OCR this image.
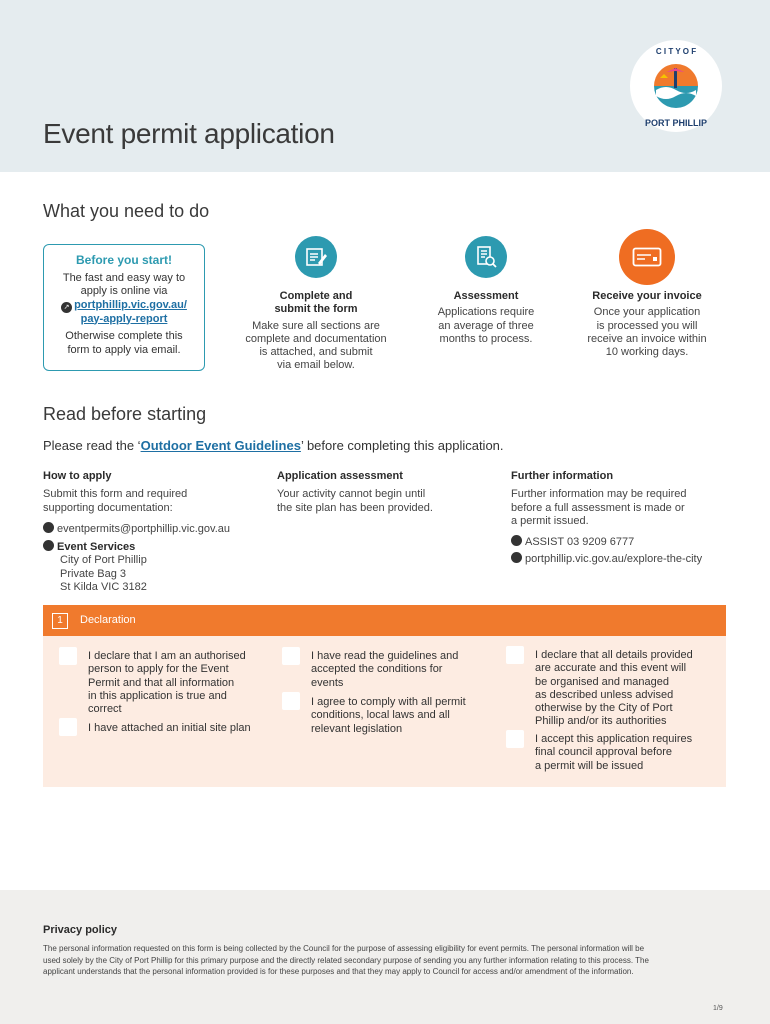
Event permit application
C I T Y O F
PORT PHILLIP
What you need to do
Before you start!
The fast and easy way to
apply is online via
↗ portphillip.vic.gov.au/
pay-apply-report
Otherwise complete this
form to apply via email.
Complete and
submit the form
Make sure all sections are
complete and documentation
is attached, and submit
via email below.
Assessment
Applications require
an average of three
months to process.
Receive your invoice
Once your application
is processed you will
receive an invoice within
10 working days.
Read before starting
Please read the ‘Outdoor Event Guidelines’ before completing this application.
How to apply
Submit this form and required
supporting documentation:
eventpermits@portphillip.vic.gov.au
Event Services
City of Port Phillip
Private Bag 3
St Kilda VIC 3182
Application assessment
Your activity cannot begin until
the site plan has been provided.
Further information
Further information may be required
before a full assessment is made or
a permit issued.
ASSIST 03 9209 6777
portphillip.vic.gov.au/explore-the-city
1	Declaration
I declare that I am an authorised
person to apply for the Event
Permit and that all information
in this application is true and
correct
I have attached an initial site plan
I have read the guidelines and
accepted the conditions for
events
I agree to comply with all permit
conditions, local laws and all
relevant legislation
I declare that all details provided
are accurate and this event will
be organised and managed
as described unless advised
otherwise by the City of Port
Phillip and/or its authorities
I accept this application requires
final council approval before
a permit will be issued
Privacy policy
The personal information requested on this form is being collected by the Council for the purpose of assessing eligibility for event permits. The personal information will be
used solely by the City of Port Phillip for this primary purpose and the directly related secondary purpose of sending you any further information relating to this process. The
applicant understands that the personal information provided is for these purposes and that they may apply to Council for access and/or amendment of the information.
1/9
